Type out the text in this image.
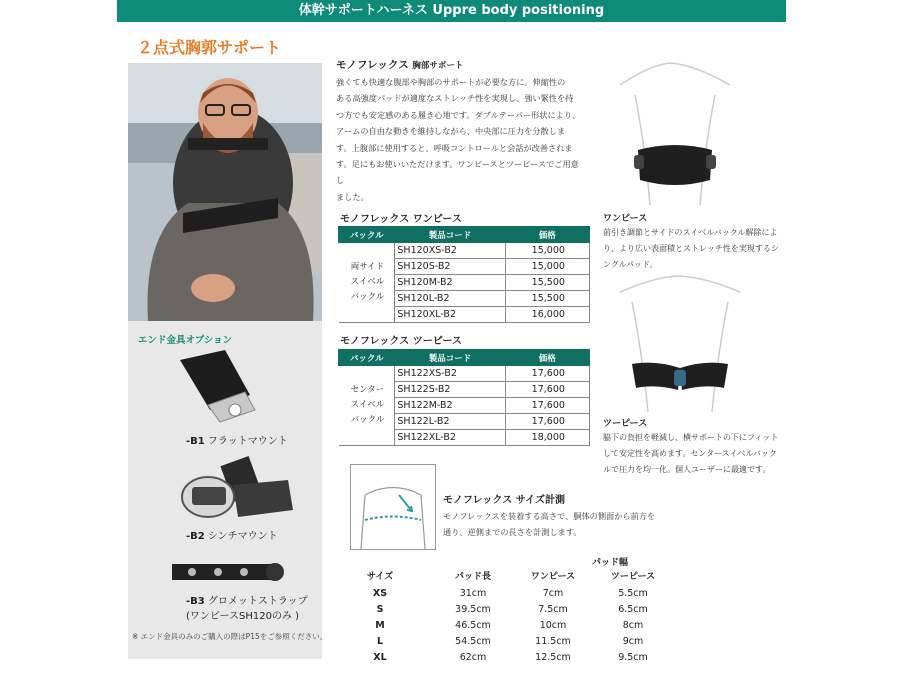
体幹サポートハーネス Uppre body positioning
２点式胸郭サポート
エンド金具オプション
-B1 フラットマウント
-B2 シンチマウント
-B3 グロメットストラップ
(ワンピースSH120のみ )
※ エンド金具のみのご購入の際はP15をご参照ください。
モノフレックス 胸部サポート
強くても快適な腹部や胸部のサポートが必要な方に。伸縮性の
ある高強度パッドが適度なストレッチ性を実現し、強い緊性を持
つ方でも安定感のある履き心地です。ダブルテーパー形状により、
アームの自由な動きを維持しながら、中央部に圧力を分散しま
す。上腹部に使用すると、呼吸コントロールと会話が改善されま
す。足にもお使いいただけます。ワンピースとツーピースでご用意し
ました。
モノフレックス ワンピース
バックル	製品コード	価格

両サイド
スイベル
バックル	SH120XS-B2	15,000
	SH120S-B2	15,000
	SH120M-B2	15,500
	SH120L-B2	15,500
	SH120XL-B2	16,000
モノフレックス ツーピース
バックル	製品コード	価格

センター
スイベル
バックル	SH122XS-B2	17,600
	SH122S-B2	17,600
	SH122M-B2	17,600
	SH122L-B2	17,600
	SH122XL-B2	18,000
ワンピース
前引き調節とサイドのスイベルバックル解除によ
り、より広い表面積とストレッチ性を実現するシ
ングルパッド。
ツーピース
脇下の負担を軽減し、横サポートの下にフィット
して安定性を高めます。センタースイベルバック
ルで圧力を均一化。個人ユーザーに最適です。
モノフレックス サイズ計測
モノフレックスを装着する高さで、胴体の側面から前方を
通り、逆側までの長さを計測します。
パッド幅
サイズ	パッド長	ワンピース	ツーピース
XS	31cm	7cm	5.5cm
S	39.5cm	7.5cm	6.5cm
M	46.5cm	10cm	8cm
L	54.5cm	11.5cm	9cm
XL	62cm	12.5cm	9.5cm
